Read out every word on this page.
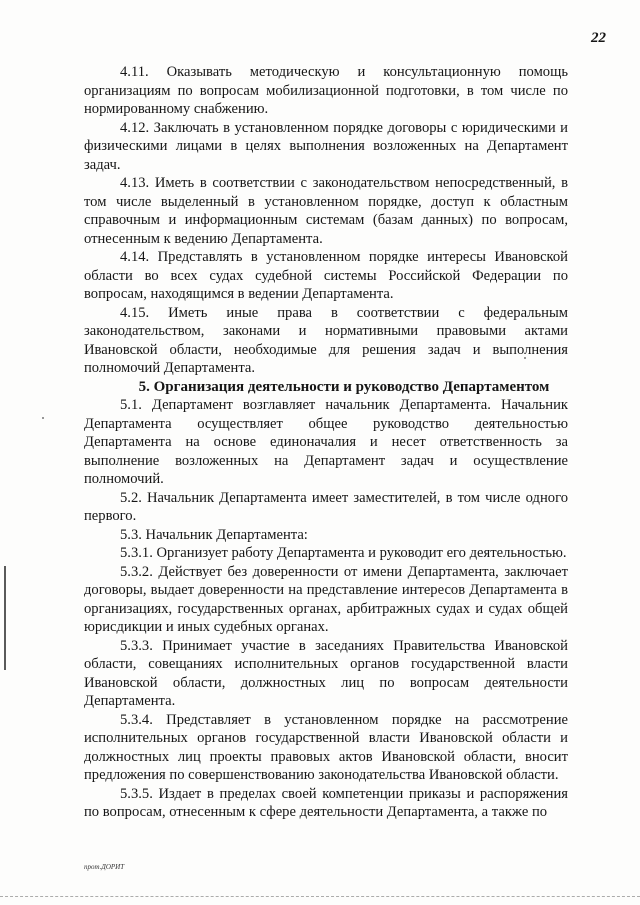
22

4.11. Оказывать методическую и консультационную помощь организациям по вопросам мобилизационной подготовки, в том числе по нормированному снабжению.

4.12. Заключать в установленном порядке договоры с юридическими и физическими лицами в целях выполнения возложенных на Департамент задач.

4.13. Иметь в соответствии с законодательством непосредственный, в том числе выделенный в установленном порядке, доступ к областным справочным и информационным системам (базам данных) по вопросам, отнесенным к ведению Департамента.

4.14. Представлять в установленном порядке интересы Ивановской области во всех судах судебной системы Российской Федерации по вопросам, находящимся в ведении Департамента.

4.15. Иметь иные права в соответствии с федеральным законодательством, законами и нормативными правовыми актами Ивановской области, необходимые для решения задач и выполнения полномочий Департамента.

5. Организация деятельности и руководство Департаментом

5.1. Департамент возглавляет начальник Департамента. Начальник Департамента осуществляет общее руководство деятельностью Департамента на основе единоначалия и несет ответственность за выполнение возложенных на Департамент задач и осуществление полномочий.

5.2. Начальник Департамента имеет заместителей, в том числе одного первого.

5.3. Начальник Департамента:

5.3.1. Организует работу Департамента и руководит его деятельностью.

5.3.2. Действует без доверенности от имени Департамента, заключает договоры, выдает доверенности на представление интересов Департамента в организациях, государственных органах, арбитражных судах и судах общей юрисдикции и иных судебных органах.

5.3.3. Принимает участие в заседаниях Правительства Ивановской области, совещаниях исполнительных органов государственной власти Ивановской области, должностных лиц по вопросам деятельности Департамента.

5.3.4. Представляет в установленном порядке на рассмотрение исполнительных органов государственной власти Ивановской области и должностных лиц проекты правовых актов Ивановской области, вносит предложения по совершенствованию законодательства Ивановской области.

5.3.5. Издает в пределах своей компетенции приказы и распоряжения по вопросам, отнесенным к сфере деятельности Департамента, а также по

прот.ДОРИТ
